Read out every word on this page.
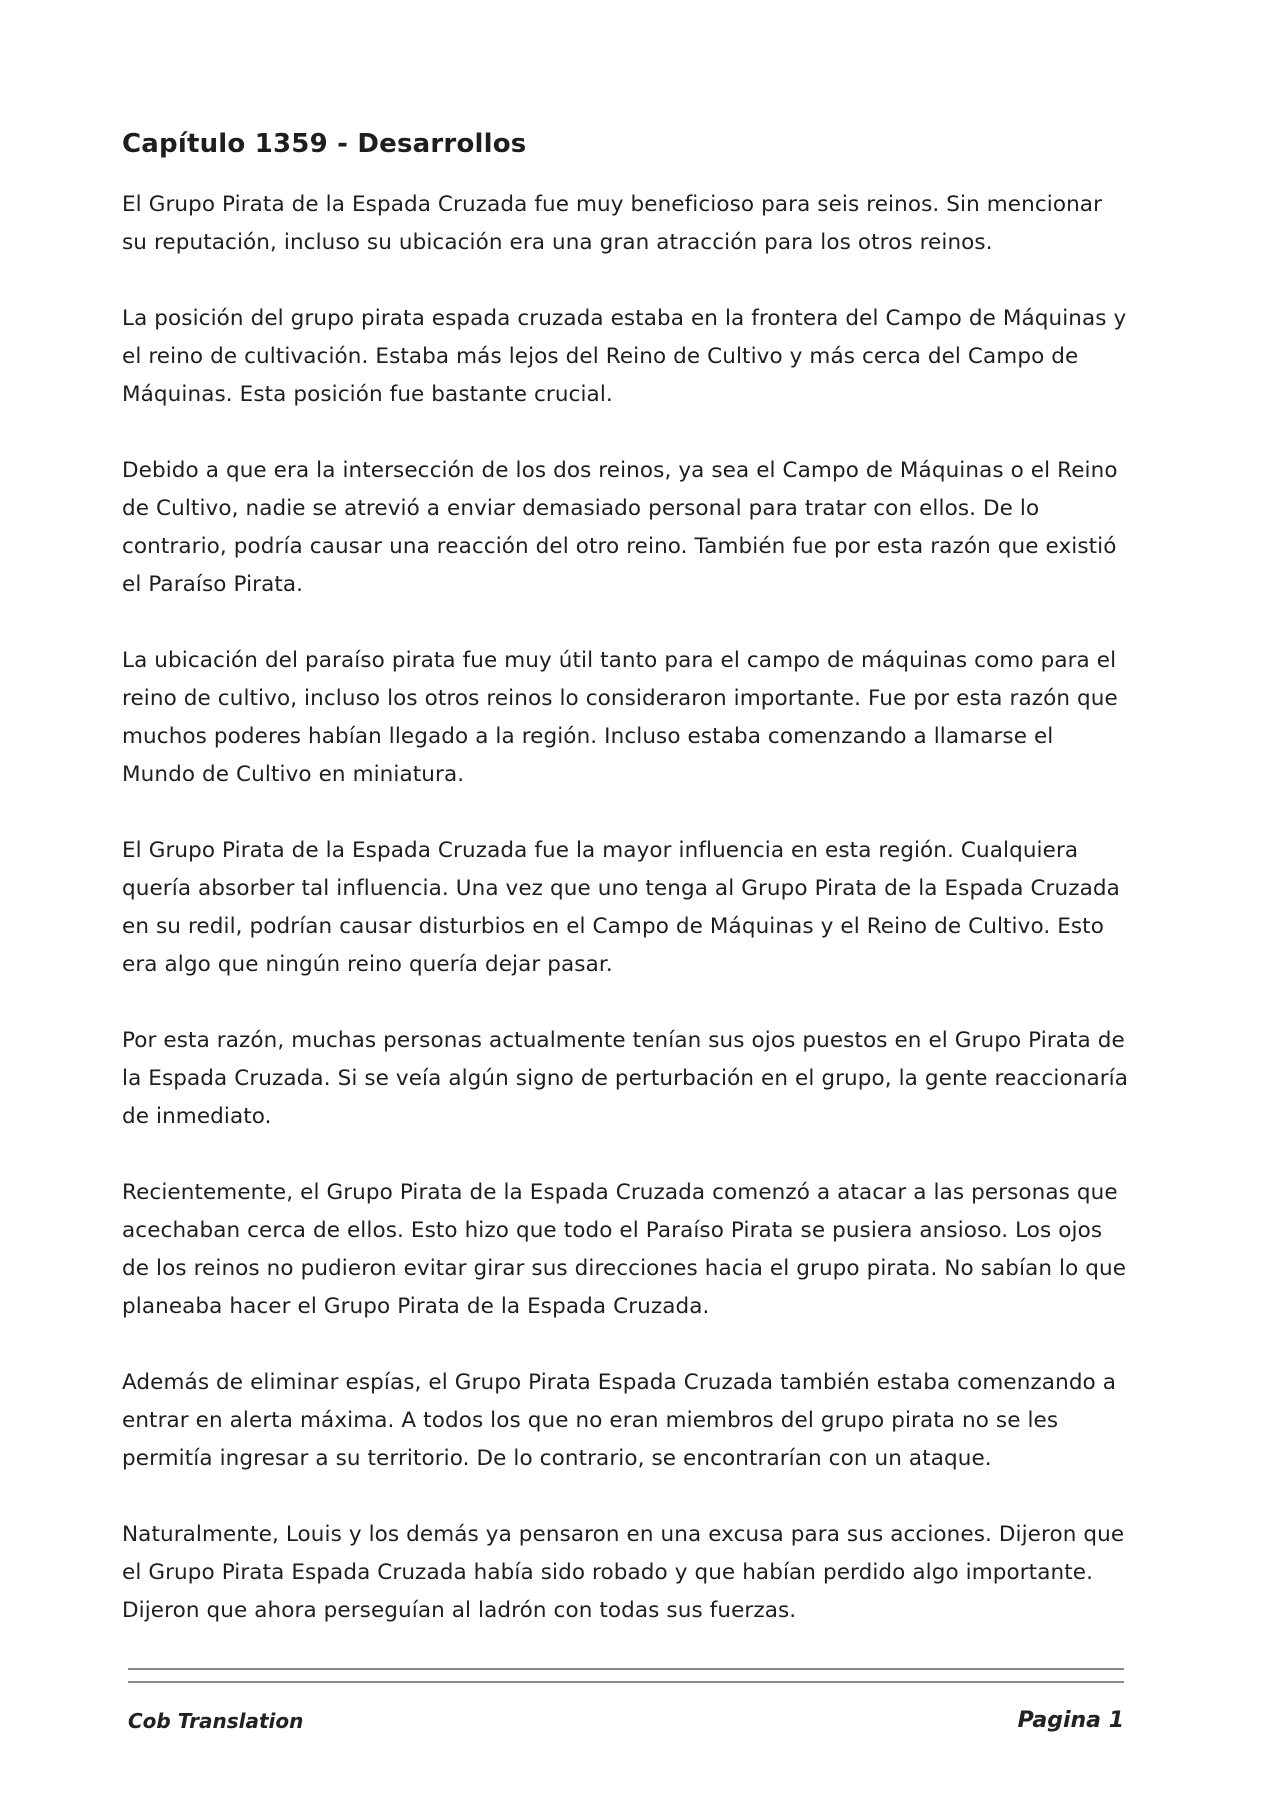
Capítulo 1359 - Desarrollos

El Grupo Pirata de la Espada Cruzada fue muy beneficioso para seis reinos. Sin mencionar su reputación, incluso su ubicación era una gran atracción para los otros reinos.

La posición del grupo pirata espada cruzada estaba en la frontera del Campo de Máquinas y el reino de cultivación. Estaba más lejos del Reino de Cultivo y más cerca del Campo de Máquinas. Esta posición fue bastante crucial.

Debido a que era la intersección de los dos reinos, ya sea el Campo de Máquinas o el Reino de Cultivo, nadie se atrevió a enviar demasiado personal para tratar con ellos. De lo contrario, podría causar una reacción del otro reino. También fue por esta razón que existió el Paraíso Pirata.

La ubicación del paraíso pirata fue muy útil tanto para el campo de máquinas como para el reino de cultivo, incluso los otros reinos lo consideraron importante. Fue por esta razón que muchos poderes habían llegado a la región. Incluso estaba comenzando a llamarse el Mundo de Cultivo en miniatura.

El Grupo Pirata de la Espada Cruzada fue la mayor influencia en esta región. Cualquiera quería absorber tal influencia. Una vez que uno tenga al Grupo Pirata de la Espada Cruzada en su redil, podrían causar disturbios en el Campo de Máquinas y el Reino de Cultivo. Esto era algo que ningún reino quería dejar pasar.

Por esta razón, muchas personas actualmente tenían sus ojos puestos en el Grupo Pirata de la Espada Cruzada. Si se veía algún signo de perturbación en el grupo, la gente reaccionaría de inmediato.

Recientemente, el Grupo Pirata de la Espada Cruzada comenzó a atacar a las personas que acechaban cerca de ellos. Esto hizo que todo el Paraíso Pirata se pusiera ansioso. Los ojos de los reinos no pudieron evitar girar sus direcciones hacia el grupo pirata. No sabían lo que planeaba hacer el Grupo Pirata de la Espada Cruzada.

Además de eliminar espías, el Grupo Pirata Espada Cruzada también estaba comenzando a entrar en alerta máxima. A todos los que no eran miembros del grupo pirata no se les permitía ingresar a su territorio. De lo contrario, se encontrarían con un ataque.

Naturalmente, Louis y los demás ya pensaron en una excusa para sus acciones. Dijeron que el Grupo Pirata Espada Cruzada había sido robado y que habían perdido algo importante. Dijeron que ahora perseguían al ladrón con todas sus fuerzas.

Cob Translation	Pagina 1
